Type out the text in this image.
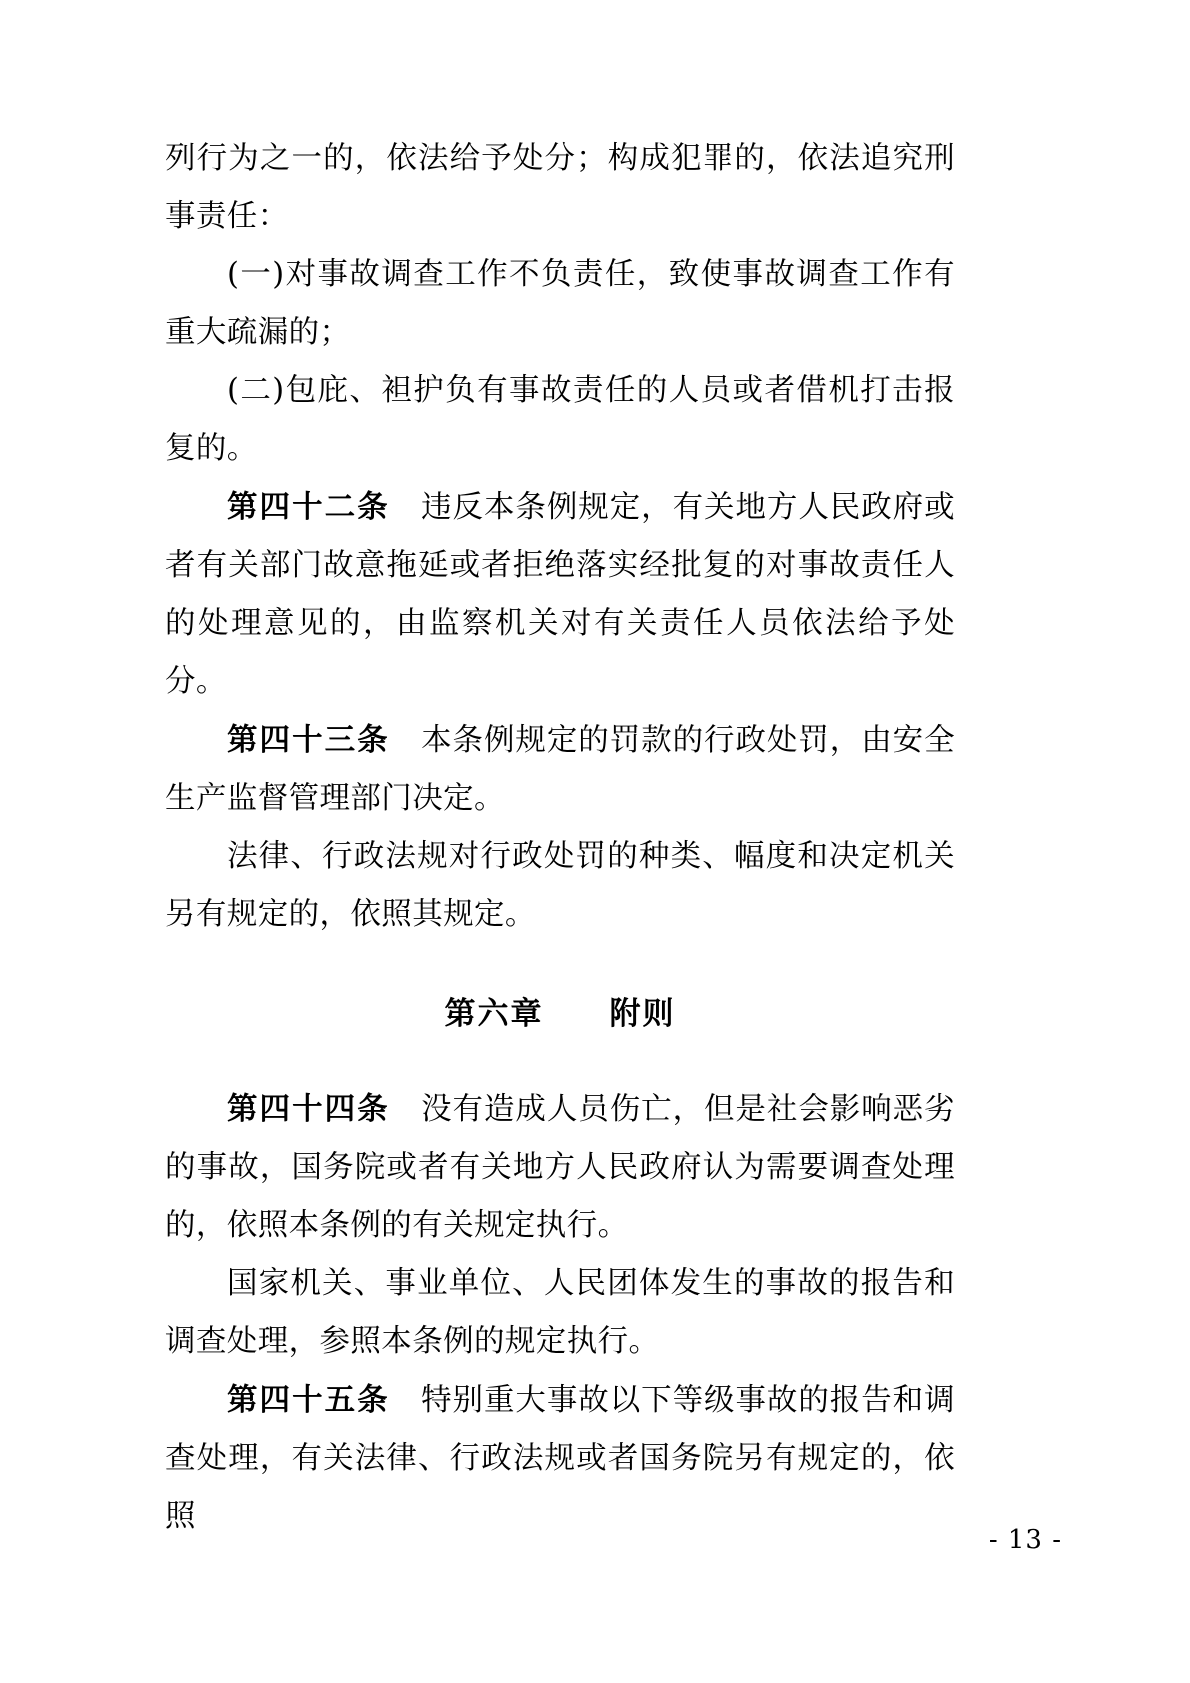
列行为之一的，依法给予处分；构成犯罪的，依法追究刑事责任：

(一)对事故调查工作不负责任，致使事故调查工作有重大疏漏的；

(二)包庇、袒护负有事故责任的人员或者借机打击报复的。

第四十二条　违反本条例规定，有关地方人民政府或者有关部门故意拖延或者拒绝落实经批复的对事故责任人的处理意见的，由监察机关对有关责任人员依法给予处分。

第四十三条　本条例规定的罚款的行政处罚，由安全生产监督管理部门决定。

法律、行政法规对行政处罚的种类、幅度和决定机关另有规定的，依照其规定。

第六章　　附则

第四十四条　没有造成人员伤亡，但是社会影响恶劣的事故，国务院或者有关地方人民政府认为需要调查处理的，依照本条例的有关规定执行。

国家机关、事业单位、人民团体发生的事故的报告和调查处理，参照本条例的规定执行。

第四十五条　特别重大事故以下等级事故的报告和调查处理，有关法律、行政法规或者国务院另有规定的，依照

- 13 -
